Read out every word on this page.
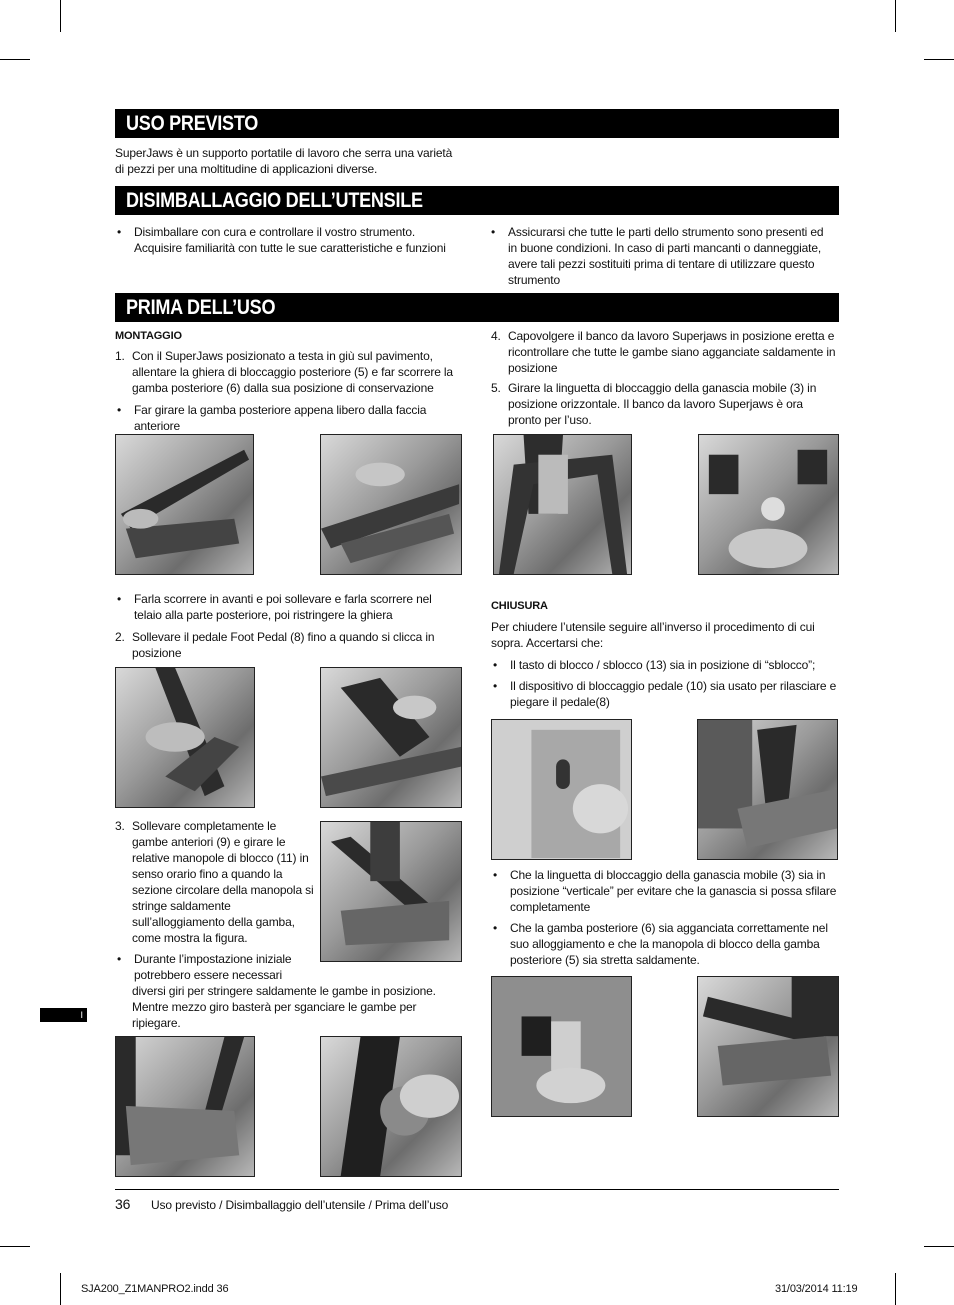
USO PREVISTO
SuperJaws è un supporto portatile di lavoro che serra una varietà di pezzi per una moltitudine di applicazioni diverse.
DISIMBALLAGGIO DELL’UTENSILE
• Disimballare con cura e controllare il vostro strumento. Acquisire familiarità con tutte le sue caratteristiche e funzioni
• Assicurarsi che tutte le parti dello strumento sono presenti ed in buone condizioni. In caso di parti mancanti o danneggiate, avere tali pezzi sostituiti prima di tentare di utilizzare questo strumento
PRIMA DELL’USO
MONTAGGIO
1. Con il SuperJaws posizionato a testa in giù sul pavimento, allentare la ghiera di bloccaggio posteriore (5) e far scorrere la gamba posteriore (6) dalla sua posizione di conservazione
• Far girare la gamba posteriore appena libero dalla faccia anteriore
• Farla scorrere in avanti e poi sollevare e farla scorrere nel telaio alla parte posteriore, poi ristringere la ghiera
2. Sollevare il pedale Foot Pedal (8) fino a quando si clicca in posizione
3. Sollevare completamente le gambe anteriori (9) e girare le relative manopole di blocco (11) in senso orario fino a quando la sezione circolare della manopola si stringe saldamente sull’alloggiamento della gamba, come mostra la figura.
• Durante l’impostazione iniziale potrebbero essere necessari
diversi giri per stringere saldamente le gambe in posizione. Mentre mezzo giro basterà per sganciare le gambe per ripiegare.
4. Capovolgere il banco da lavoro Superjaws in posizione eretta e ricontrollare che tutte le gambe siano agganciate saldamente in posizione
5. Girare la linguetta di bloccaggio della ganascia mobile (3) in posizione orizzontale. Il banco da lavoro Superjaws è ora pronto per l’uso.
CHIUSURA
Per chiudere l’utensile seguire all’inverso il procedimento di cui sopra. Accertarsi che:
• Il tasto di blocco / sblocco (13) sia in posizione di “sblocco”;
• Il dispositivo di bloccaggio pedale (10) sia usato per rilasciare e piegare il pedale(8)
• Che la linguetta di bloccaggio della ganascia mobile (3) sia in posizione “verticale” per evitare che la ganascia si possa sfilare completamente
• Che la gamba posteriore (6) sia agganciata correttamente nel suo alloggiamento e che la manopola di blocco della gamba posteriore (5) sia stretta saldamente.
I
36 Uso previsto / Disimballaggio dell’utensile / Prima dell’uso
SJA200_Z1MANPRO2.indd 36	31/03/2014 11:19
